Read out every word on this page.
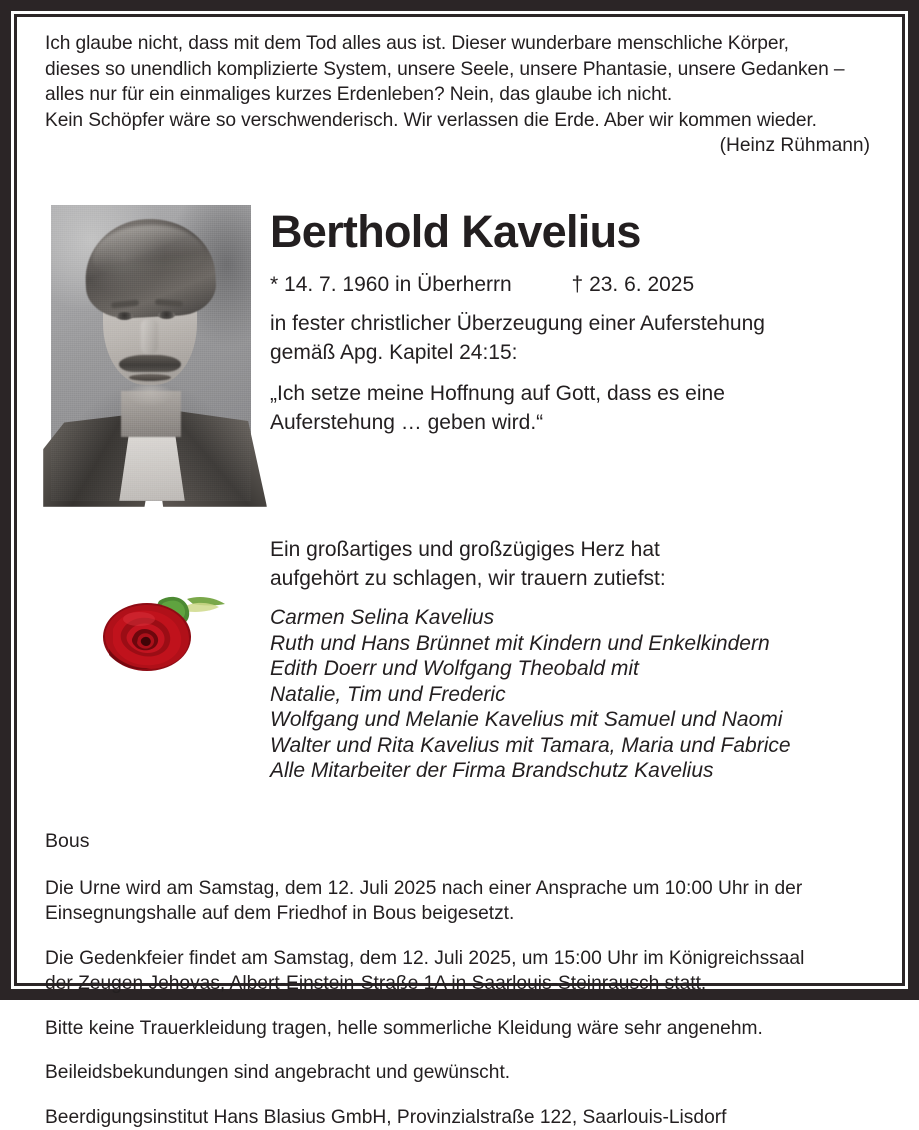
Ich glaube nicht, dass mit dem Tod alles aus ist. Dieser wunderbare menschliche Körper,
dieses so unendlich komplizierte System, unsere Seele, unsere Phantasie, unsere Gedanken –
alles nur für ein einmaliges kurzes Erdenleben? Nein, das glaube ich nicht.
Kein Schöpfer wäre so verschwenderisch. Wir verlassen die Erde. Aber wir kommen wieder.
(Heinz Rühmann)
Berthold Kavelius
* 14. 7. 1960 in Überherrn	† 23. 6. 2025
in fester christlicher Überzeugung einer Auferstehung
gemäß Apg. Kapitel 24:15:
„Ich setze meine Hoffnung auf Gott, dass es eine
Auferstehung … geben wird.“
Ein großartiges und großzügiges Herz hat
aufgehört zu schlagen, wir trauern zutiefst:
Carmen Selina Kavelius
Ruth und Hans Brünnet mit Kindern und Enkelkindern
Edith Doerr und Wolfgang Theobald mit
Natalie, Tim und Frederic
Wolfgang und Melanie Kavelius mit Samuel und Naomi
Walter und Rita Kavelius mit Tamara, Maria und Fabrice
Alle Mitarbeiter der Firma Brandschutz Kavelius
Bous
Die Urne wird am Samstag, dem 12. Juli 2025 nach einer Ansprache um 10:00 Uhr in der
Einsegnungshalle auf dem Friedhof in Bous beigesetzt.
Die Gedenkfeier findet am Samstag, dem 12. Juli 2025, um 15:00 Uhr im Königreichssaal
der Zeugen Jehovas, Albert-Einstein-Straße 1A in Saarlouis-Steinrausch statt.
Bitte keine Trauerkleidung tragen, helle sommerliche Kleidung wäre sehr angenehm.
Beileidsbekundungen sind angebracht und gewünscht.
Beerdigungsinstitut Hans Blasius GmbH, Provinzialstraße 122, Saarlouis-Lisdorf
